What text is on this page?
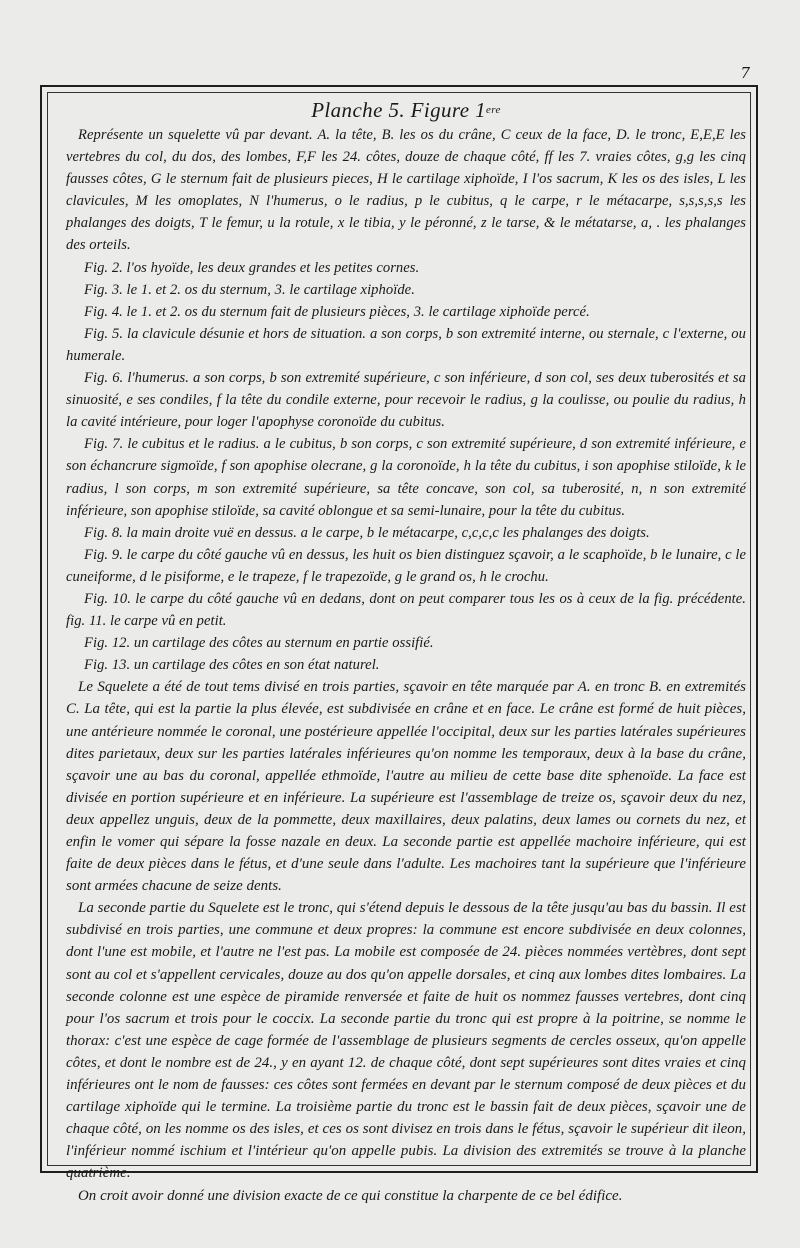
7
Planche 5. Figure 1ere

Représente un squelette vû par devant. A. la tête, B. les os du crâne, C ceux de la face, D. le tronc, E,E,E les vertebres du col, du dos, des lombes, F,F les 24. côtes, douze de chaque côté, ff les 7. vraies côtes, g,g les cinq fausses côtes, G le sternum fait de plusieurs pieces, H le cartilage xiphoïde, I l'os sacrum, K les os des isles, L les clavicules, M les omoplates, N l'humerus, o le radius, p le cubitus, q le carpe, r le métacarpe, s,s,s,s,s les phalanges des doigts, T le femur, u la rotule, x le tibia, y le péronné, z le tarse, & le métatarse, a, . les phalanges des orteils.

Fig. 2. l'os hyoïde, les deux grandes et les petites cornes.

Fig. 3. le 1. et 2. os du sternum, 3. le cartilage xiphoïde.

Fig. 4. le 1. et 2. os du sternum fait de plusieurs pièces, 3. le cartilage xiphoïde percé.

Fig. 5. la clavicule désunie et hors de situation. a son corps, b son extremité interne, ou sternale, c l'externe, ou humerale.

Fig. 6. l'humerus. a son corps, b son extremité supérieure, c son inférieure, d son col, ses deux tuberosités et sa sinuosité, e ses condiles, f la tête du condile externe, pour recevoir le radius, g la coulisse, ou poulie du radius, h la cavité intérieure, pour loger l'apophyse coronoïde du cubitus.

Fig. 7. le cubitus et le radius. a le cubitus, b son corps, c son extremité supérieure, d son extremité inférieure, e son échancrure sigmoïde, f son apophise olecrane, g la coronoïde, h la tête du cubitus, i son apophise stiloïde, k le radius, l son corps, m son extremité supérieure, sa tête concave, son col, sa tuberosité, n, n son extremité inférieure, son apophise stiloïde, sa cavité oblongue et sa semi-lunaire, pour la tête du cubitus.

Fig. 8. la main droite vuë en dessus. a le carpe, b le métacarpe, c,c,c,c les phalanges des doigts.

Fig. 9. le carpe du côté gauche vû en dessus, les huit os bien distinguez sçavoir, a le scaphoïde, b le lunaire, c le cuneiforme, d le pisiforme, e le trapeze, f le trapezoïde, g le grand os, h le crochu.

Fig. 10. le carpe du côté gauche vû en dedans, dont on peut comparer tous les os à ceux de la fig. précédente. fig. 11. le carpe vû en petit.

Fig. 12. un cartilage des côtes au sternum en partie ossifié.

Fig. 13. un cartilage des côtes en son état naturel.

Le Squelete a été de tout tems divisé en trois parties, sçavoir en tête marquée par A. en tronc B. en extremités C. La tête, qui est la partie la plus élevée, est subdivisée en crâne et en face. Le crâne est formé de huit pièces, une antérieure nommée le coronal, une postérieure appellée l'occipital, deux sur les parties latérales supérieures dites parietaux, deux sur les parties latérales inférieures qu'on nomme les temporaux, deux à la base du crâne, sçavoir une au bas du coronal, appellée ethmoïde, l'autre au milieu de cette base dite sphenoïde. La face est divisée en portion supérieure et en inférieure. La supérieure est l'assemblage de treize os, sçavoir deux du nez, deux appellez unguis, deux de la pommette, deux maxillaires, deux palatins, deux lames ou cornets du nez, et enfin le vomer qui sépare la fosse nazale en deux. La seconde partie est appellée machoire inférieure, qui est faite de deux pièces dans le fétus, et d'une seule dans l'adulte. Les machoires tant la supérieure que l'inférieure sont armées chacune de seize dents.

La seconde partie du Squelete est le tronc, qui s'étend depuis le dessous de la tête jusqu'au bas du bassin. Il est subdivisé en trois parties, une commune et deux propres: la commune est encore subdivisée en deux colonnes, dont l'une est mobile, et l'autre ne l'est pas. La mobile est composée de 24. pièces nommées vertèbres, dont sept sont au col et s'appellent cervicales, douze au dos qu'on appelle dorsales, et cinq aux lombes dites lombaires. La seconde colonne est une espèce de piramide renversée et faite de huit os nommez fausses vertebres, dont cinq pour l'os sacrum et trois pour le coccix. La seconde partie du tronc qui est propre à la poitrine, se nomme le thorax: c'est une espèce de cage formée de l'assemblage de plusieurs segments de cercles osseux, qu'on appelle côtes, et dont le nombre est de 24., y en ayant 12. de chaque côté, dont sept supérieures sont dites vraies et cinq inférieures ont le nom de fausses: ces côtes sont fermées en devant par le sternum composé de deux pièces et du cartilage xiphoïde qui le termine. La troisième partie du tronc est le bassin fait de deux pièces, sçavoir une de chaque côté, on les nomme os des isles, et ces os sont divisez en trois dans le fétus, sçavoir le supérieur dit ileon, l'inférieur nommé ischium et l'intérieur qu'on appelle pubis. La division des extremités se trouve à la planche quatrième.

On croit avoir donné une division exacte de ce qui constitue la charpente de ce bel édifice.
